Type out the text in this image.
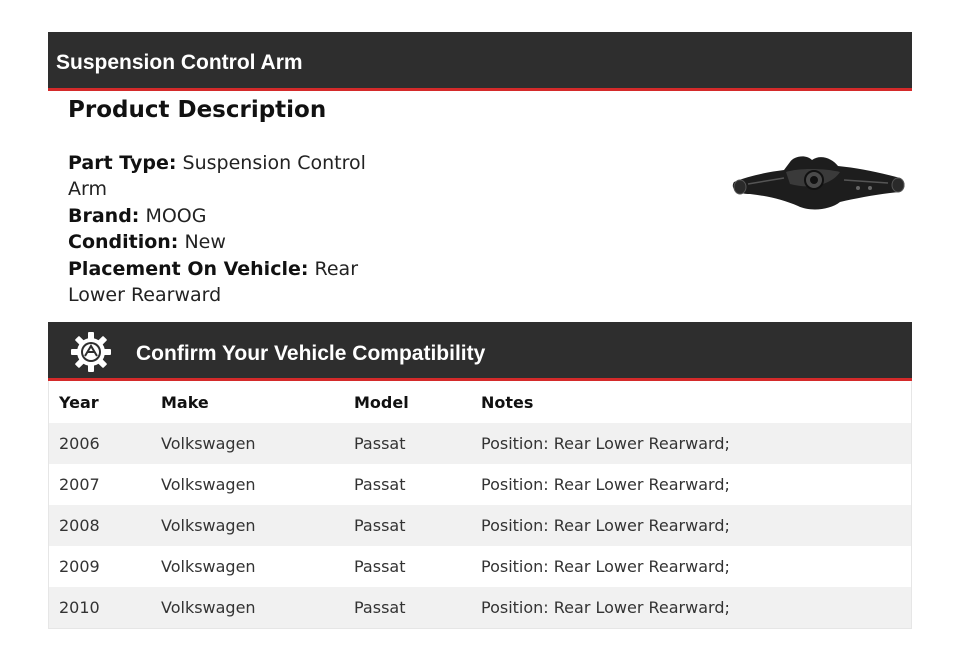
Suspension Control Arm
Product Description
Part Type: Suspension Control Arm
Brand: MOOG
Condition: New
Placement On Vehicle: Rear Lower Rearward
Confirm Your Vehicle Compatibility
Year	Make	Model	Notes
2006	Volkswagen	Passat	Position: Rear Lower Rearward;
2007	Volkswagen	Passat	Position: Rear Lower Rearward;
2008	Volkswagen	Passat	Position: Rear Lower Rearward;
2009	Volkswagen	Passat	Position: Rear Lower Rearward;
2010	Volkswagen	Passat	Position: Rear Lower Rearward;
